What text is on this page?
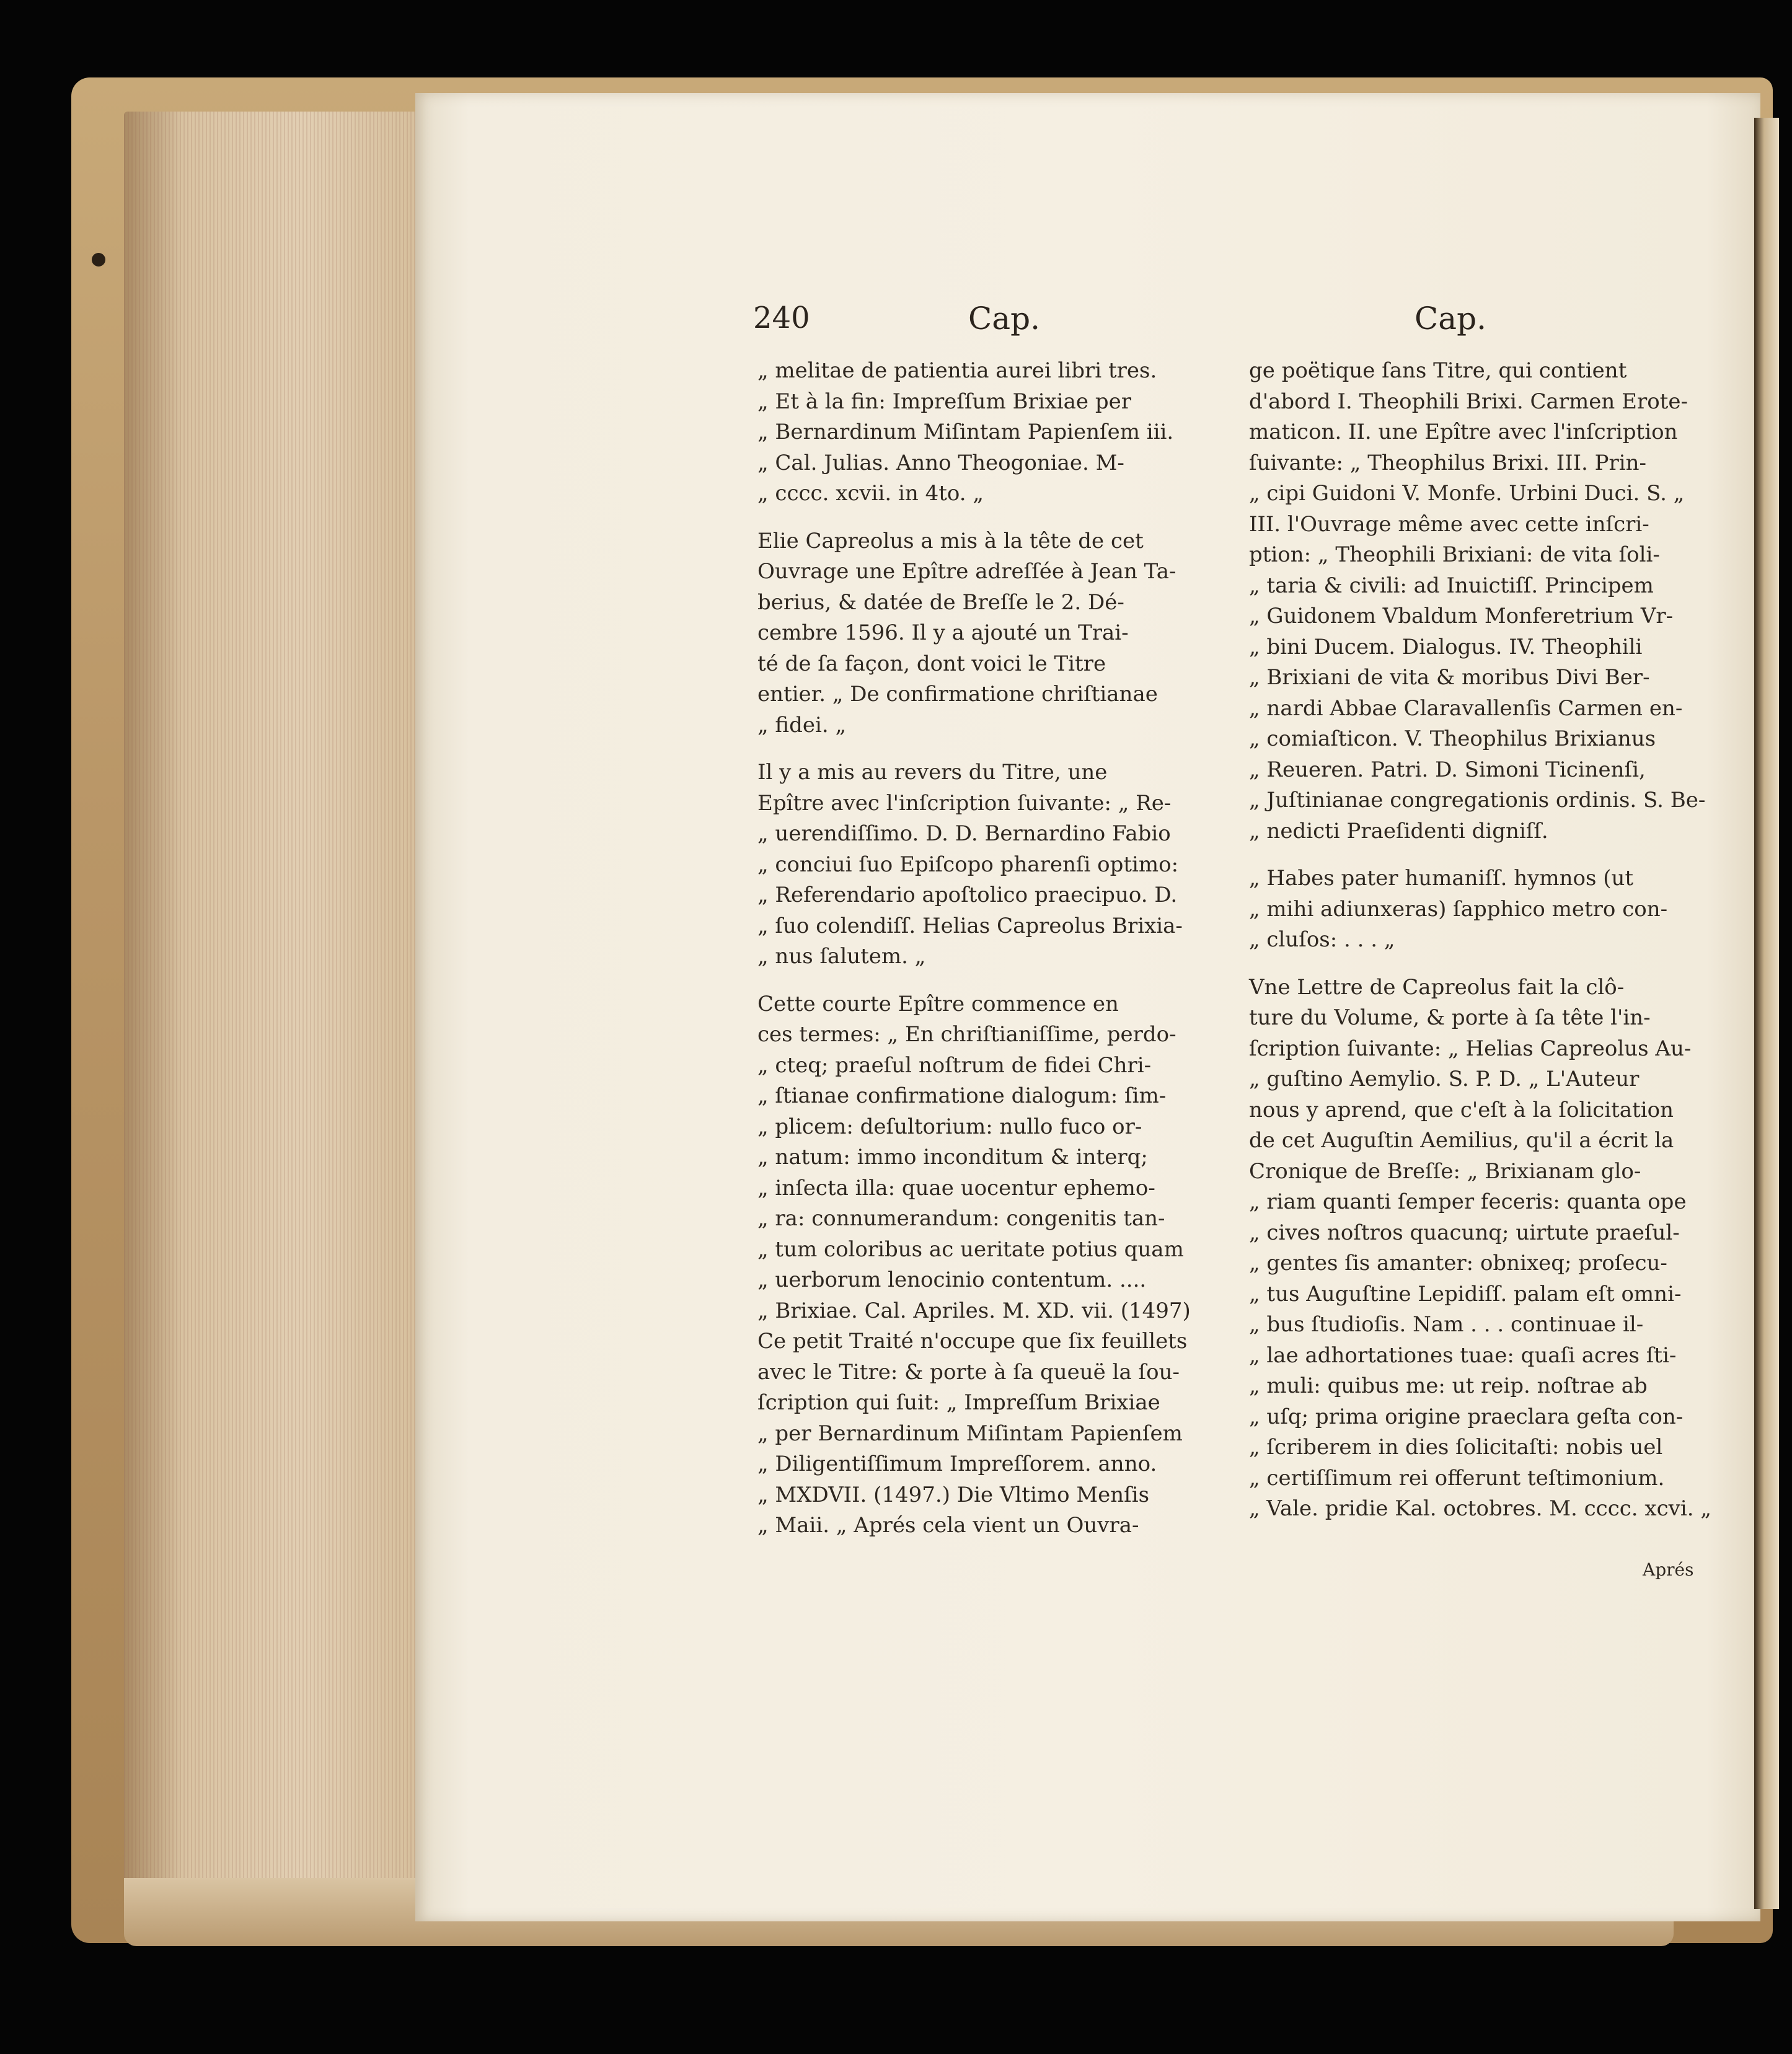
240	Cap.	Cap.
„ melitae de patientia aurei libri tres.
„ Et à la fin: Impreſſum Brixiae per
„ Bernardinum Miſintam Papienſem iii.
„ Cal. Julias. Anno Theogoniae. M-
„ cccc. xcvii. in 4to. „
Elie Capreolus a mis à la tête de cet
Ouvrage une Epître adreſſée à Jean Ta-
berius, & datée de Breſſe le 2. Dé-
cembre 1596. Il y a ajouté un Trai-
té de ſa façon, dont voici le Titre
entier. „ De confirmatione chriſtianae
„ fidei. „
Il y a mis au revers du Titre, une
Epître avec l'inſcription ſuivante: „ Re-
„ uerendiſſimo. D. D. Bernardino Fabio
„ conciui ſuo Epiſcopo pharenſi optimo:
„ Referendario apoſtolico praecipuo. D.
„ ſuo colendiſſ. Helias Capreolus Brixia-
„ nus ſalutem. „
Cette courte Epître commence en
ces termes: „ En chriſtianiſſime, perdo-
„ cteq; praeſul noſtrum de fidei Chri-
„ ſtianae confirmatione dialogum: ſim-
„ plicem: deſultorium: nullo fuco or-
„ natum: immo inconditum & interq;
„ inſecta illa: quae uocentur ephemo-
„ ra: connumerandum: congenitis tan-
„ tum coloribus ac ueritate potius quam
„ uerborum lenocinio contentum. ....
„ Brixiae. Cal. Apriles. M. XD. vii. (1497)
Ce petit Traité n'occupe que ſix feuillets
avec le Titre: & porte à ſa queuë la ſou-
ſcription qui ſuit: „ Impreſſum Brixiae
„ per Bernardinum Miſintam Papienſem
„ Diligentiſſimum Impreſſorem. anno.
„ MXDVII. (1497.) Die Vltimo Menſis
„ Maii. „ Aprés cela vient un Ouvra-
ge poëtique ſans Titre, qui contient
d'abord I. Theophili Brixi. Carmen Erote-
maticon. II. une Epître avec l'inſcription
ſuivante: „ Theophilus Brixi. III. Prin-
„ cipi Guidoni V. Monfe. Urbini Duci. S. „
III. l'Ouvrage même avec cette inſcri-
ption: „ Theophili Brixiani: de vita ſoli-
„ taria & civili: ad Inuictiſſ. Principem
„ Guidonem Vbaldum Monferetrium Vr-
„ bini Ducem. Dialogus. IV. Theophili
„ Brixiani de vita & moribus Divi Ber-
„ nardi Abbae Claravallenſis Carmen en-
„ comiaſticon. V. Theophilus Brixianus
„ Reueren. Patri. D. Simoni Ticinenſi,
„ Juſtinianae congregationis ordinis. S. Be-
„ nedicti Praeſidenti digniſſ.
„ Habes pater humaniſſ. hymnos (ut
„ mihi adiunxeras) ſapphico metro con-
„ cluſos: . . . „
Vne Lettre de Capreolus fait la clô-
ture du Volume, & porte à ſa tête l'in-
ſcription ſuivante: „ Helias Capreolus Au-
„ guſtino Aemylio. S. P. D. „ L'Auteur
nous y aprend, que c'eſt à la ſolicitation
de cet Auguſtin Aemilius, qu'il a écrit la
Cronique de Breſſe: „ Brixianam glo-
„ riam quanti ſemper feceris: quanta ope
„ cives noſtros quacunq; uirtute praeſul-
„ gentes ſis amanter: obnixeq; proſecu-
„ tus Auguſtine Lepidiſſ. palam eſt omni-
„ bus ſtudioſis. Nam . . . continuae il-
„ lae adhortationes tuae: quaſi acres ſti-
„ muli: quibus me: ut reip. noſtrae ab
„ uſq; prima origine praeclara geſta con-
„ ſcriberem in dies ſolicitaſti: nobis uel
„ certiſſimum rei offerunt teſtimonium.
„ Vale. pridie Kal. octobres. M. cccc. xcvi. „
Aprés
